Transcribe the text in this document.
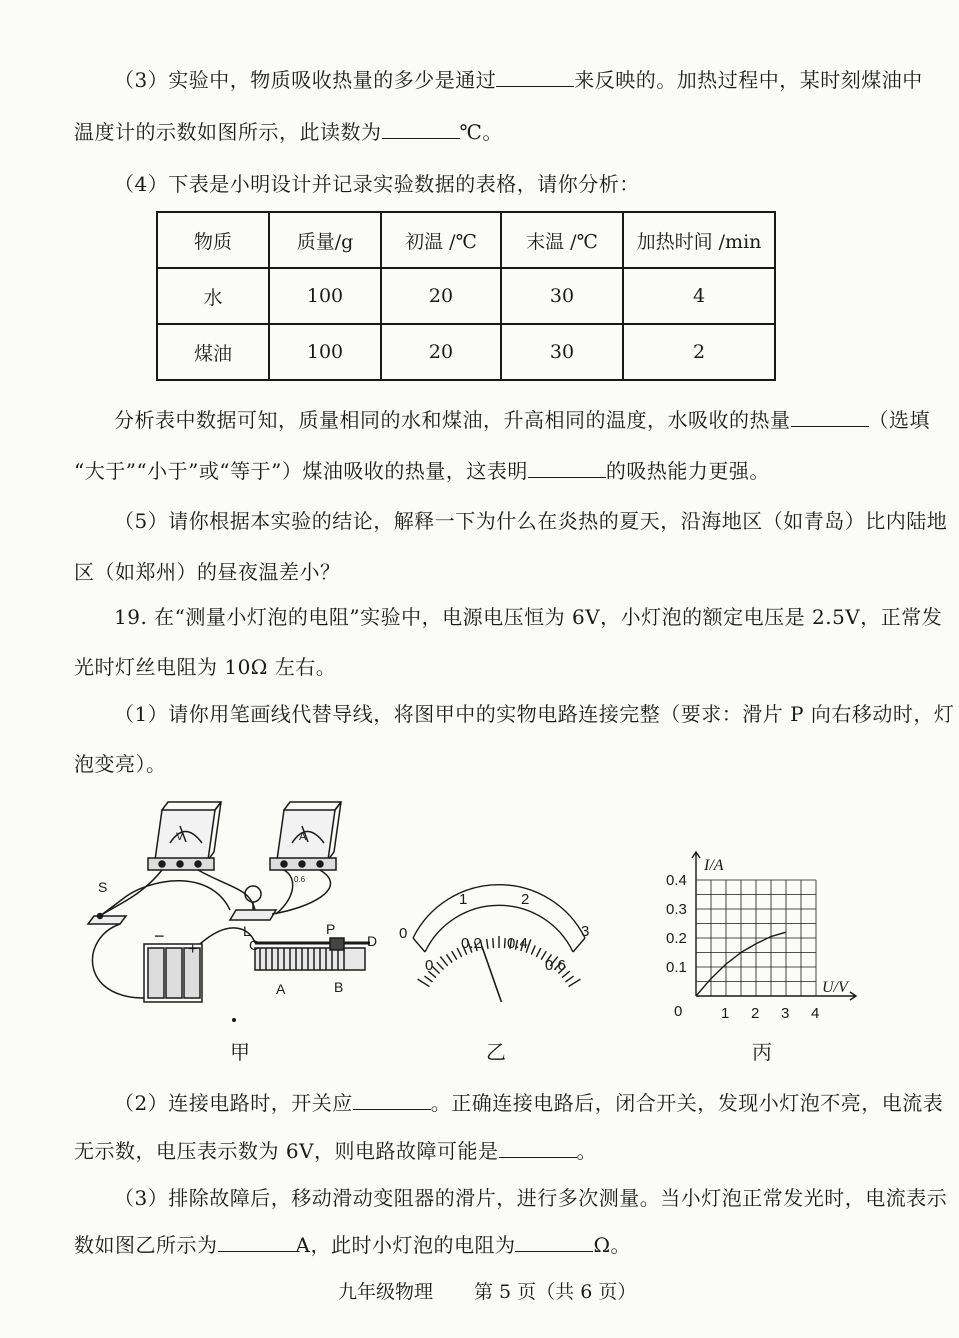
（3）实验中，物质吸收热量的多少是通过	来反映的。加热过程中，某时刻煤油中
温度计的示数如图所示，此读数为	℃。
（4）下表是小明设计并记录实验数据的表格，请你分析：
物质	质量/g	初温 /℃	末温 /℃	加热时间 /min
水	100	20	30	4
煤油	100	20	30	2
分析表中数据可知，质量相同的水和煤油，升高相同的温度，水吸收的热量	（选填
“大于”“小于”或“等于”）煤油吸收的热量，这表明	的吸热能力更强。
（5）请你根据本实验的结论，解释一下为什么在炎热的夏天，沿海地区（如青岛）比内陆地
区（如郑州）的昼夜温差小？
19. 在“测量小灯泡的电阻”实验中，电源电压恒为 6V，小灯泡的额定电压是 2.5V，正常发
光时灯丝电阻为 10Ω 左右。
（1）请你用笔画线代替导线，将图甲中的实物电路连接完整（要求：滑片 P 向右移动时，灯
泡变亮）。
S
L
C
P
D
A	B
−
+
V	A
0.6
甲
0
1	2
3
0
0.2 0.4
0.6
乙
1 2 3 4
0.1
0.2
0.3
0.4
I/A
U/V
0
丙
（2）连接电路时，开关应	。正确连接电路后，闭合开关，发现小灯泡不亮，电流表
无示数，电压表示数为 6V，则电路故障可能是	。
（3）排除故障后，移动滑动变阻器的滑片，进行多次测量。当小灯泡正常发光时，电流表示
数如图乙所示为	A，此时小灯泡的电阻为	Ω。
九年级物理 第 5 页（共 6 页）
